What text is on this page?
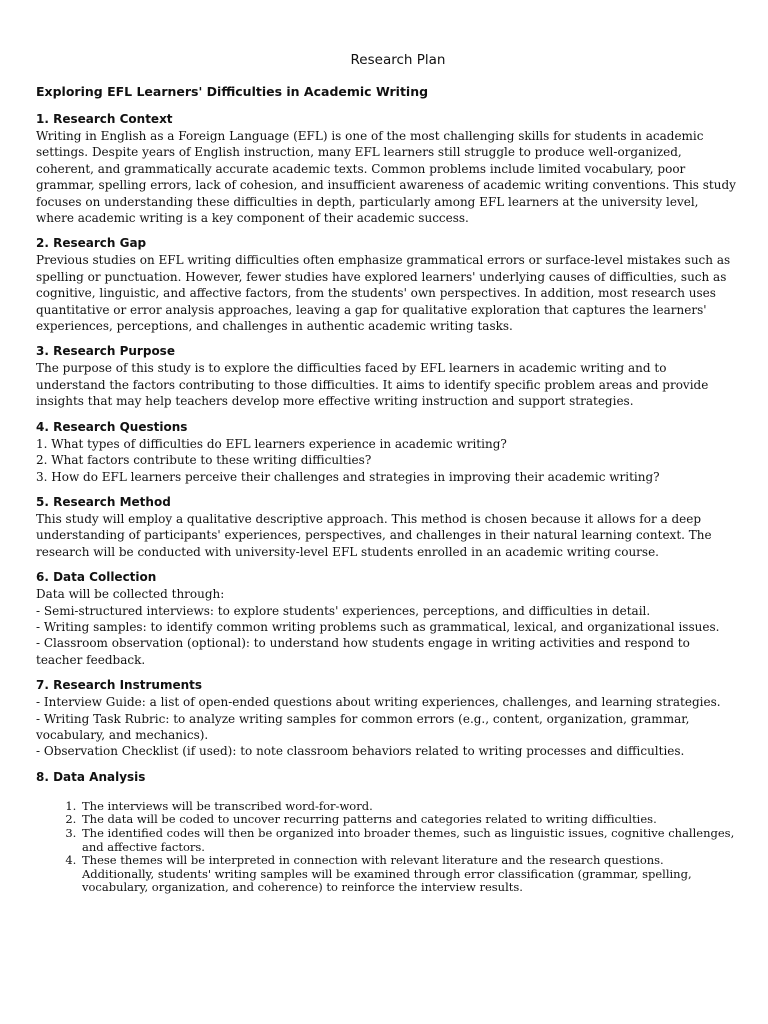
Research Plan
Exploring EFL Learners' Difficulties in Academic Writing
1. Research Context

Writing in English as a Foreign Language (EFL) is one of the most challenging skills for students in academic settings. Despite years of English instruction, many EFL learners still struggle to produce well-organized, coherent, and grammatically accurate academic texts. Common problems include limited vocabulary, poor grammar, spelling errors, lack of cohesion, and insufficient awareness of academic writing conventions. This study focuses on understanding these difficulties in depth, particularly among EFL learners at the university level, where academic writing is a key component of their academic success.

2. Research Gap

Previous studies on EFL writing difficulties often emphasize grammatical errors or surface-level mistakes such as spelling or punctuation. However, fewer studies have explored learners' underlying causes of difficulties, such as cognitive, linguistic, and affective factors, from the students' own perspectives. In addition, most research uses quantitative or error analysis approaches, leaving a gap for qualitative exploration that captures the learners' experiences, perceptions, and challenges in authentic academic writing tasks.

3. Research Purpose

The purpose of this study is to explore the difficulties faced by EFL learners in academic writing and to understand the factors contributing to those difficulties. It aims to identify specific problem areas and provide insights that may help teachers develop more effective writing instruction and support strategies.

4. Research Questions

1. What types of difficulties do EFL learners experience in academic writing?

2. What factors contribute to these writing difficulties?

3. How do EFL learners perceive their challenges and strategies in improving their academic writing?

5. Research Method

This study will employ a qualitative descriptive approach. This method is chosen because it allows for a deep understanding of participants' experiences, perspectives, and challenges in their natural learning context. The research will be conducted with university-level EFL students enrolled in an academic writing course.

6. Data Collection

Data will be collected through:

- Semi-structured interviews: to explore students' experiences, perceptions, and difficulties in detail.

- Writing samples: to identify common writing problems such as grammatical, lexical, and organizational issues.

- Classroom observation (optional): to understand how students engage in writing activities and respond to teacher feedback.

7. Research Instruments

- Interview Guide: a list of open-ended questions about writing experiences, challenges, and learning strategies.

- Writing Task Rubric: to analyze writing samples for common errors (e.g., content, organization, grammar, vocabulary, and mechanics).

- Observation Checklist (if used): to note classroom behaviors related to writing processes and difficulties.

8. Data Analysis
1. The interviews will be transcribed word-for-word.
2. The data will be coded to uncover recurring patterns and categories related to writing difficulties.
3. The identified codes will then be organized into broader themes, such as linguistic issues, cognitive challenges, and affective factors.
4. These themes will be interpreted in connection with relevant literature and the research questions. Additionally, students' writing samples will be examined through error classification (grammar, spelling, vocabulary, organization, and coherence) to reinforce the interview results.
